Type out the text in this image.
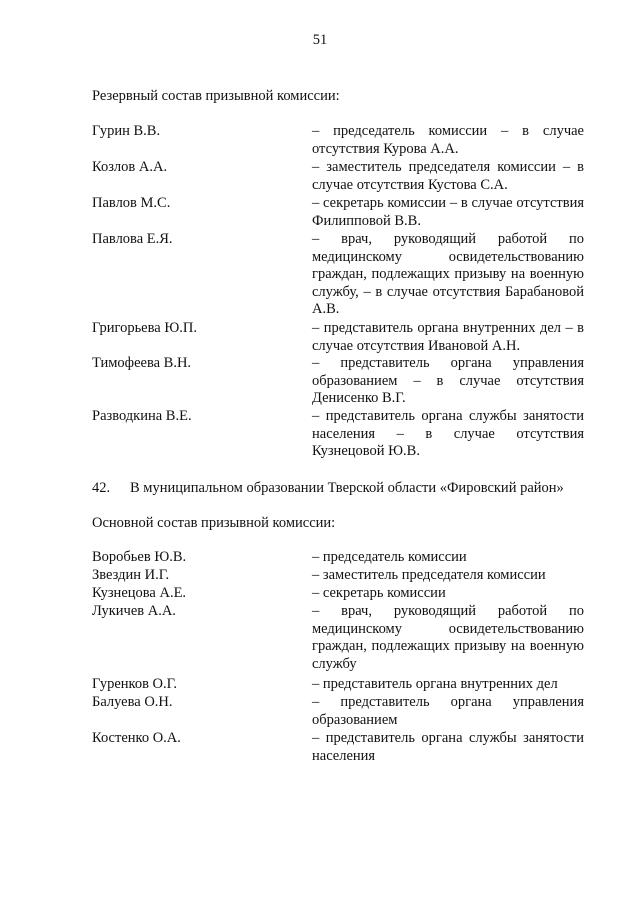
51
Резервный состав призывной комиссии:
Гурин В.В.	– председатель комиссии – в случае отсутствия Курова А.А.
Козлов А.А.	– заместитель председателя комиссии – в случае отсутствия Кустова С.А.
Павлов М.С.	– секретарь комиссии – в случае отсутствия Филипповой В.В.
Павлова Е.Я.	– врач, руководящий работой по медицинскому освидетельствованию граждан, подлежащих призыву на военную службу, – в случае отсутствия Барабановой А.В.
Григорьева Ю.П.	– представитель органа внутренних дел – в случае отсутствия Ивановой А.Н.
Тимофеева В.Н.	– представитель органа управления образованием – в случае отсутствия Денисенко В.Г.
Разводкина В.Е.	– представитель органа службы занятости населения – в случае отсутствия Кузнецовой Ю.В.
42.	В муниципальном образовании Тверской области «Фировский район»
Основной состав призывной комиссии:
Воробьев Ю.В.	– председатель комиссии
Звездин И.Г.	– заместитель председателя комиссии
Кузнецова А.Е.	– секретарь комиссии
Лукичев А.А.	– врач, руководящий работой по медицинскому освидетельствованию граждан, подлежащих призыву на военную службу
Гуренков О.Г.	– представитель органа внутренних дел
Балуева О.Н.	– представитель органа управления образованием
Костенко О.А.	– представитель органа службы занятости населения
